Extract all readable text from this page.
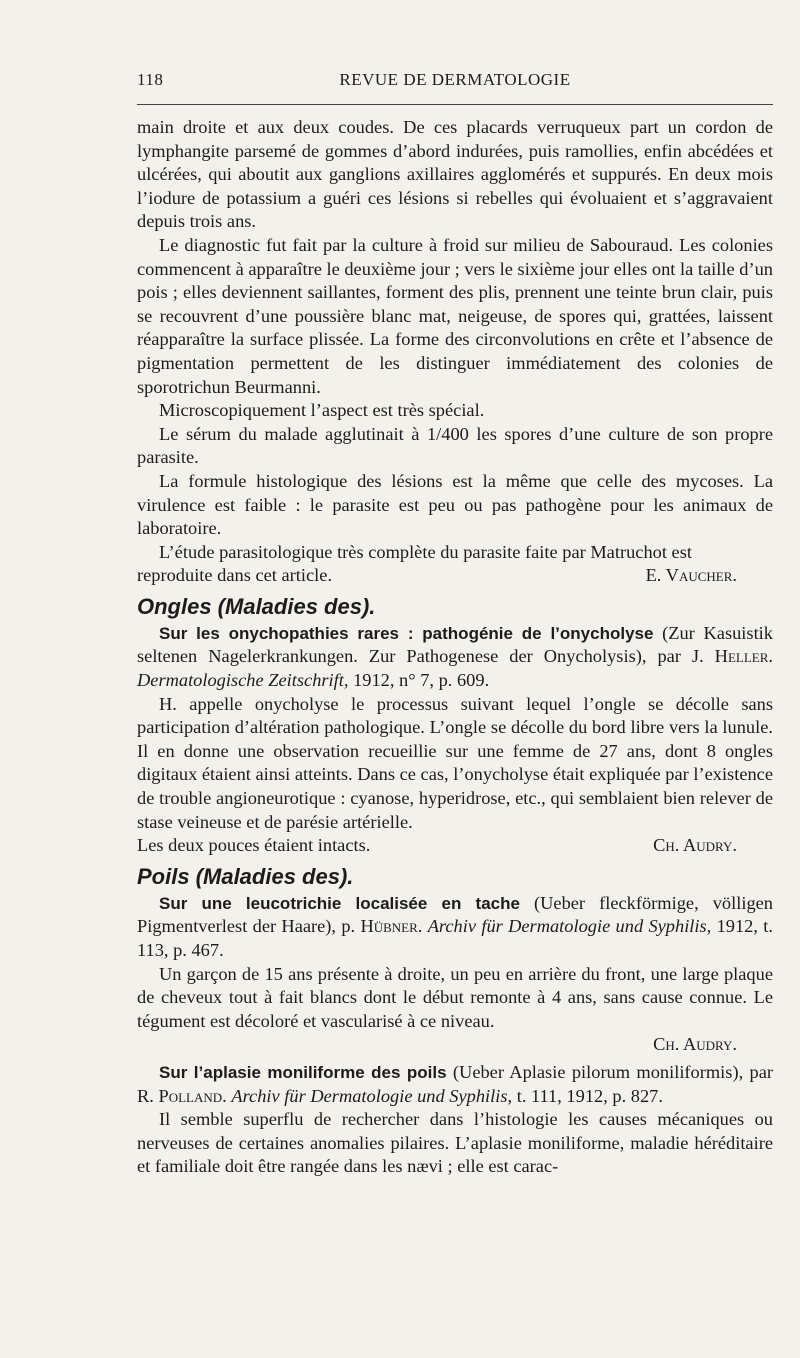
118	REVUE DE DERMATOLOGIE

main droite et aux deux coudes. De ces placards verruqueux part un cordon de lymphangite parsemé de gommes d’abord indurées, puis ramollies, enfin abcédées et ulcérées, qui aboutit aux ganglions axillaires agglomérés et suppurés. En deux mois l’iodure de potassium a guéri ces lésions si rebelles qui évoluaient et s’aggravaient depuis trois ans.

Le diagnostic fut fait par la culture à froid sur milieu de Sabouraud. Les colonies commencent à apparaître le deuxième jour ; vers le sixième jour elles ont la taille d’un pois ; elles deviennent saillantes, forment des plis, prennent une teinte brun clair, puis se recouvrent d’une poussière blanc mat, neigeuse, de spores qui, grattées, laissent réapparaître la surface plissée. La forme des circonvolutions en crête et l’absence de pigmentation permettent de les distinguer immédiatement des colonies de sporotrichun Beurmanni.

Microscopiquement l’aspect est très spécial.

Le sérum du malade agglutinait à 1/400 les spores d’une culture de son propre parasite.

La formule histologique des lésions est la même que celle des mycoses. La virulence est faible : le parasite est peu ou pas pathogène pour les animaux de laboratoire.

L’étude parasitologique très complète du parasite faite par Matruchot est

reproduite dans cet article.	E. Vaucher.
Ongles (Maladies des).

Sur les onychopathies rares : pathogénie de l’onycholyse (Zur Kasuistik seltenen Nagelerkrankungen. Zur Pathogenese der Onycholysis), par J. Heller. Dermatologische Zeitschrift, 1912, n° 7, p. 609.

H. appelle onycholyse le processus suivant lequel l’ongle se décolle sans participation d’altération pathologique. L’ongle se décolle du bord libre vers la lunule. Il en donne une observation recueillie sur une femme de 27 ans, dont 8 ongles digitaux étaient ainsi atteints. Dans ce cas, l’onycholyse était expliquée par l’existence de trouble angioneurotique : cyanose, hyperidrose, etc., qui semblaient bien relever de stase veineuse et de parésie artérielle.

Les deux pouces étaient intacts.	Ch. Audry.
Poils (Maladies des).

Sur une leucotrichie localisée en tache (Ueber fleckförmige, völligen Pigmentverlest der Haare), p. Hübner. Archiv für Dermatologie und Syphilis, 1912, t. 113, p. 467.

Un garçon de 15 ans présente à droite, un peu en arrière du front, une large plaque de cheveux tout à fait blancs dont le début remonte à 4 ans, sans cause connue. Le tégument est décoloré et vascularisé à ce niveau.

Ch. Audry.

Sur l’aplasie moniliforme des poils (Ueber Aplasie pilorum moniliformis), par R. Polland. Archiv für Dermatologie und Syphilis, t. 111, 1912, p. 827.

Il semble superflu de rechercher dans l’histologie les causes mécaniques ou nerveuses de certaines anomalies pilaires. L’aplasie moniliforme, maladie héréditaire et familiale doit être rangée dans les nævi ; elle est carac-
